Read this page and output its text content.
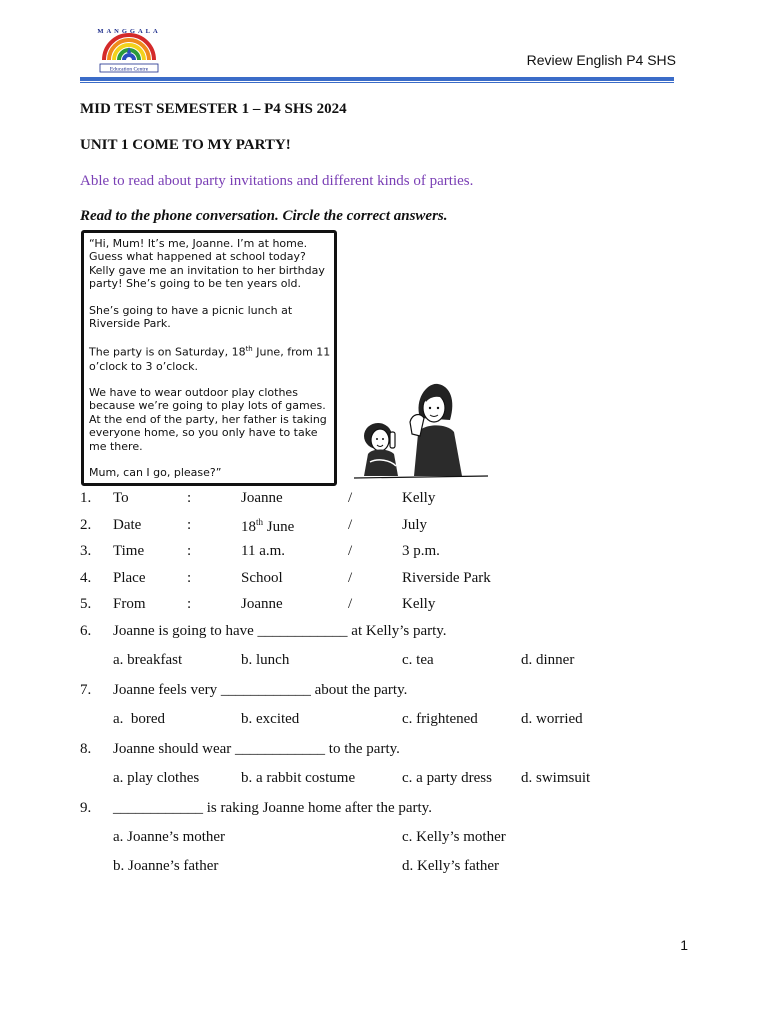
MANGGALA
Education Centre
Review English P4 SHS
MID TEST SEMESTER 1 – P4 SHS 2024
UNIT 1 COME TO MY PARTY!
Able to read about party invitations and different kinds of parties.
Read to the phone conversation. Circle the correct answers.

“Hi, Mum! It’s me, Joanne. I’m at home. Guess what happened at school today? Kelly gave me an invitation to her birthday party! She’s going to be ten years old.

She’s going to have a picnic lunch at Riverside Park.

The party is on Saturday, 18th June, from 11 o’clock to 3 o’clock.

We have to wear outdoor play clothes because we’re going to play lots of games. At the end of the party, her father is taking everyone home, so you only have to take me there.

Mum, can I go, please?”

1. To	:	Joanne	/	Kelly
2. Date	:	18th June	/	July
3. Time	:	11 a.m.	/	3 p.m.
4. Place	:	School	/	Riverside Park
5. From	:	Joanne	/	Kelly
6. Joanne is going to have ____________ at Kelly’s party.
a. breakfast	b. lunch	c. tea	d. dinner
7. Joanne feels very ____________ about the party.
a.  bored	b. excited	c. frightened	d. worried
8. Joanne should wear ____________ to the party.
a. play clothes	b. a rabbit costume	c. a party dress d. swimsuit
9. ____________ is raking Joanne home after the party.
a. Joanne’s mother	c. Kelly’s mother
b. Joanne’s father	d. Kelly’s father
1
